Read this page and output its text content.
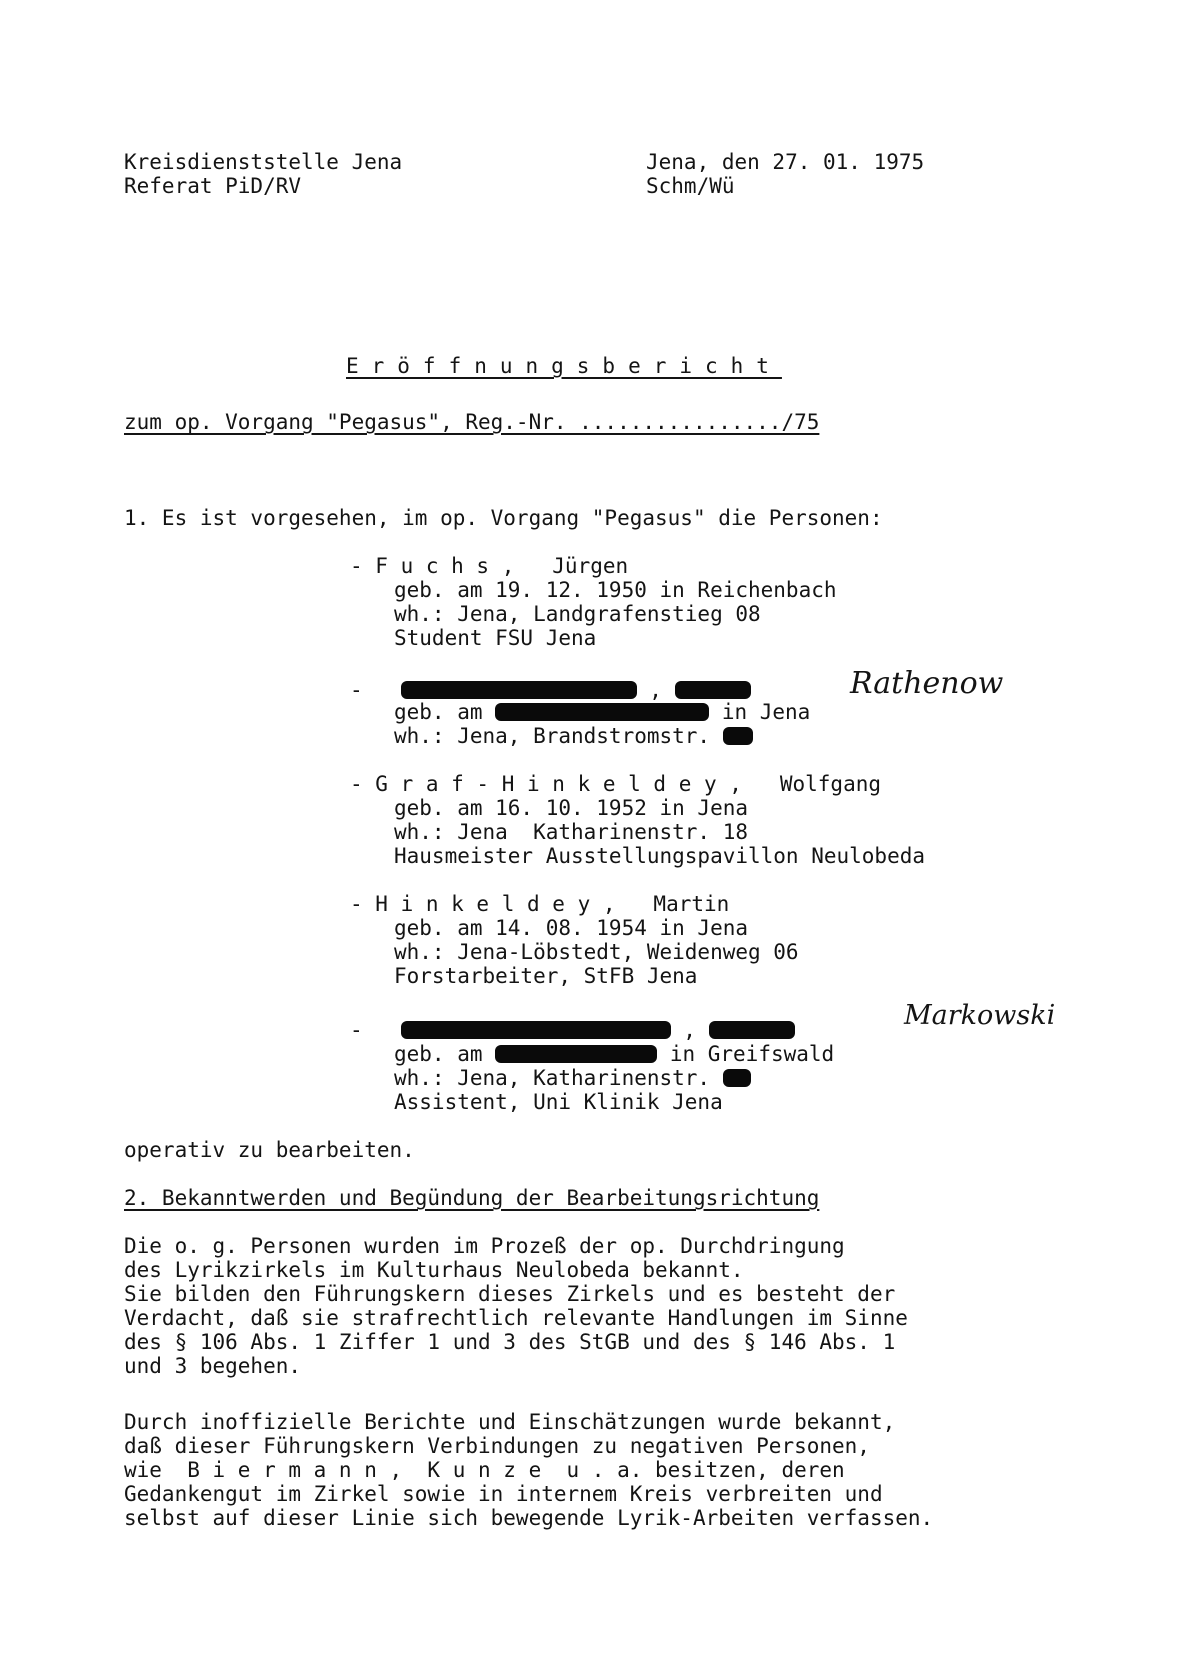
Kreisdienststelle Jena
Referat PiD/RV
Jena, den 27. 01. 1975
Schm/Wü
Eröffnungsbericht
zum op. Vorgang "Pegasus", Reg.-Nr. ................/75
1. Es ist vorgesehen, im op. Vorgang "Pegasus" die Personen:
- F u c h s ,   Jürgen
geb. am 19. 12. 1950 in Reichenbach
wh.: Jena, Landgrafenstieg 08
Student FSU Jena
-	,	Rathenow
geb. am	in Jena
wh.: Jena, Brandstromstr.
- G r a f - H i n k e l d e y ,   Wolfgang
geb. am 16. 10. 1952 in Jena
wh.: Jena  Katharinenstr. 18
Hausmeister Ausstellungspavillon Neulobeda
- H i n k e l d e y ,   Martin
geb. am 14. 08. 1954 in Jena
wh.: Jena-Löbstedt, Weidenweg 06
Forstarbeiter, StFB Jena
-	,	Markowski
geb. am	in Greifswald
wh.: Jena, Katharinenstr.
Assistent, Uni Klinik Jena
operativ zu bearbeiten.
2. Bekanntwerden und Begündung der Bearbeitungsrichtung
Die o. g. Personen wurden im Prozeß der op. Durchdringung
des Lyrikzirkels im Kulturhaus Neulobeda bekannt.
Sie bilden den Führungskern dieses Zirkels und es besteht der
Verdacht, daß sie strafrechtlich relevante Handlungen im Sinne
des § 106 Abs. 1 Ziffer 1 und 3 des StGB und des § 146 Abs. 1
und 3 begehen.
Durch inoffizielle Berichte und Einschätzungen wurde bekannt,
daß dieser Führungskern Verbindungen zu negativen Personen,
wie  B i e r m a n n ,  K u n z e  u . a. besitzen, deren
Gedankengut im Zirkel sowie in internem Kreis verbreiten und
selbst auf dieser Linie sich bewegende Lyrik-Arbeiten verfassen.
